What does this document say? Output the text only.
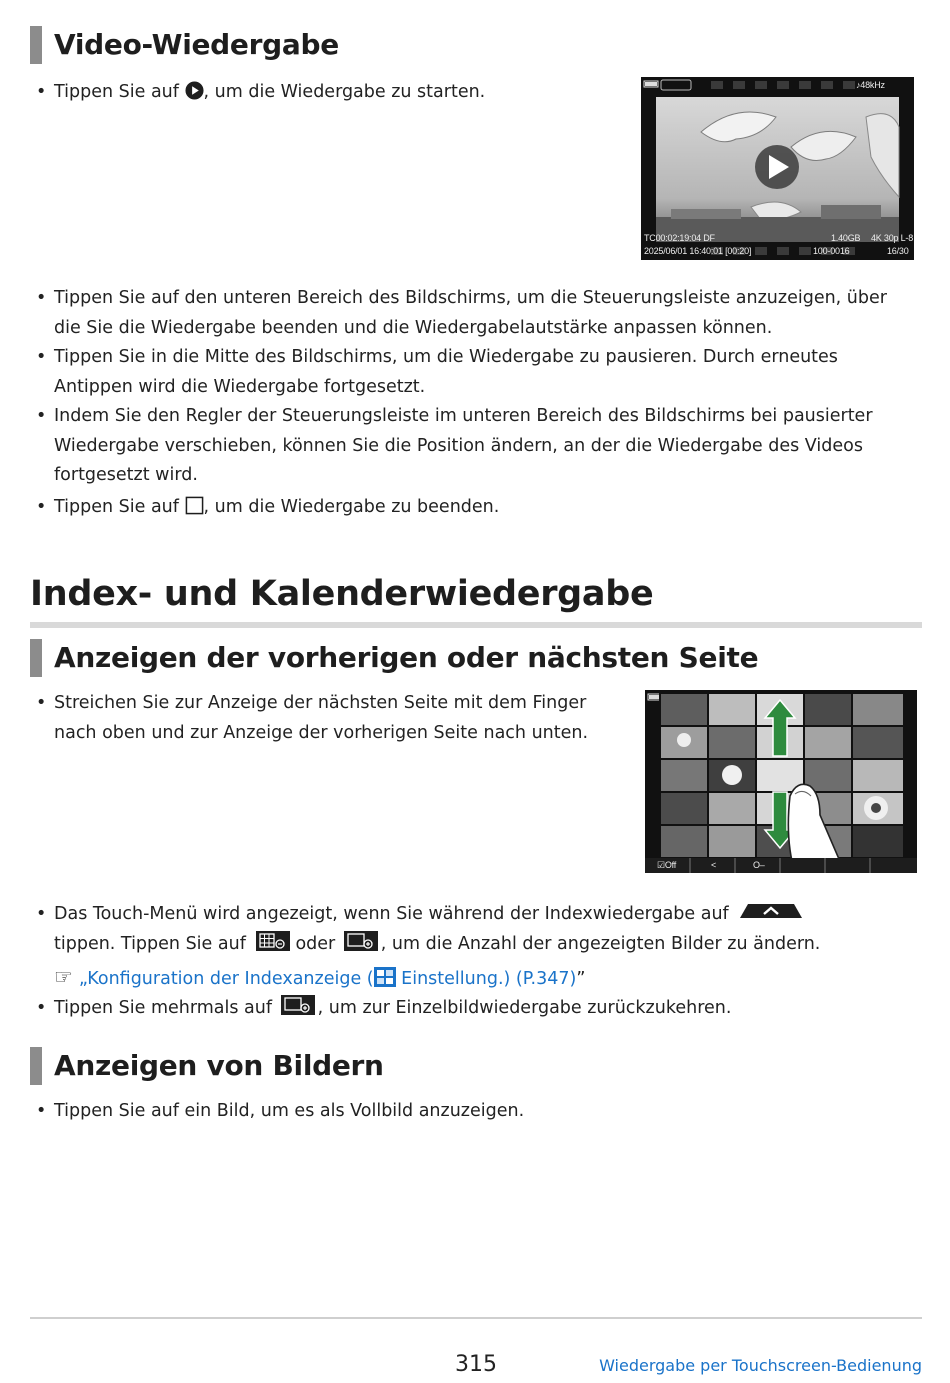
Video-Wiedergabe
• Tippen Sie auf , um die Wiedergabe zu starten.	♪48kHz
TC00:02:19:04 DF	1.40GB 4K 30p L-8
2025/06/01 16:40:01 [00:20]	100-0016	16/30
• Tippen Sie auf den unteren Bereich des Bildschirms, um die Steuerungsleiste anzuzeigen, über die Sie die Wiedergabe beenden und die Wiedergabelautstärke anpassen können.
• Tippen Sie in die Mitte des Bildschirms, um die Wiedergabe zu pausieren. Durch erneutes Antippen wird die Wiedergabe fortgesetzt.
• Indem Sie den Regler der Steuerungsleiste im unteren Bereich des Bildschirms bei pausierter Wiedergabe verschieben, können Sie die Position ändern, an der die Wiedergabe des Videos fortgesetzt wird.
• Tippen Sie auf , um die Wiedergabe zu beenden.
Index- und Kalenderwiedergabe
Anzeigen der vorherigen oder nächsten Seite
• Streichen Sie zur Anzeige der nächsten Seite mit dem Finger nach oben und zur Anzeige der vorherigen Seite nach unten.
☑Off	<	O–
• Das Touch-Menü wird angezeigt, wenn Sie während der Indexwiedergabe auf
tippen. Tippen Sie auf	oder	, um die Anzahl der angezeigten Bilder zu ändern.
☞ „Konfiguration der Indexanzeige ( Einstellung.) (P.347)”
• Tippen Sie mehrmals auf	, um zur Einzelbildwiedergabe zurückzukehren.
Anzeigen von Bildern
• Tippen Sie auf ein Bild, um es als Vollbild anzuzeigen.
315	Wiedergabe per Touchscreen-Bedienung
